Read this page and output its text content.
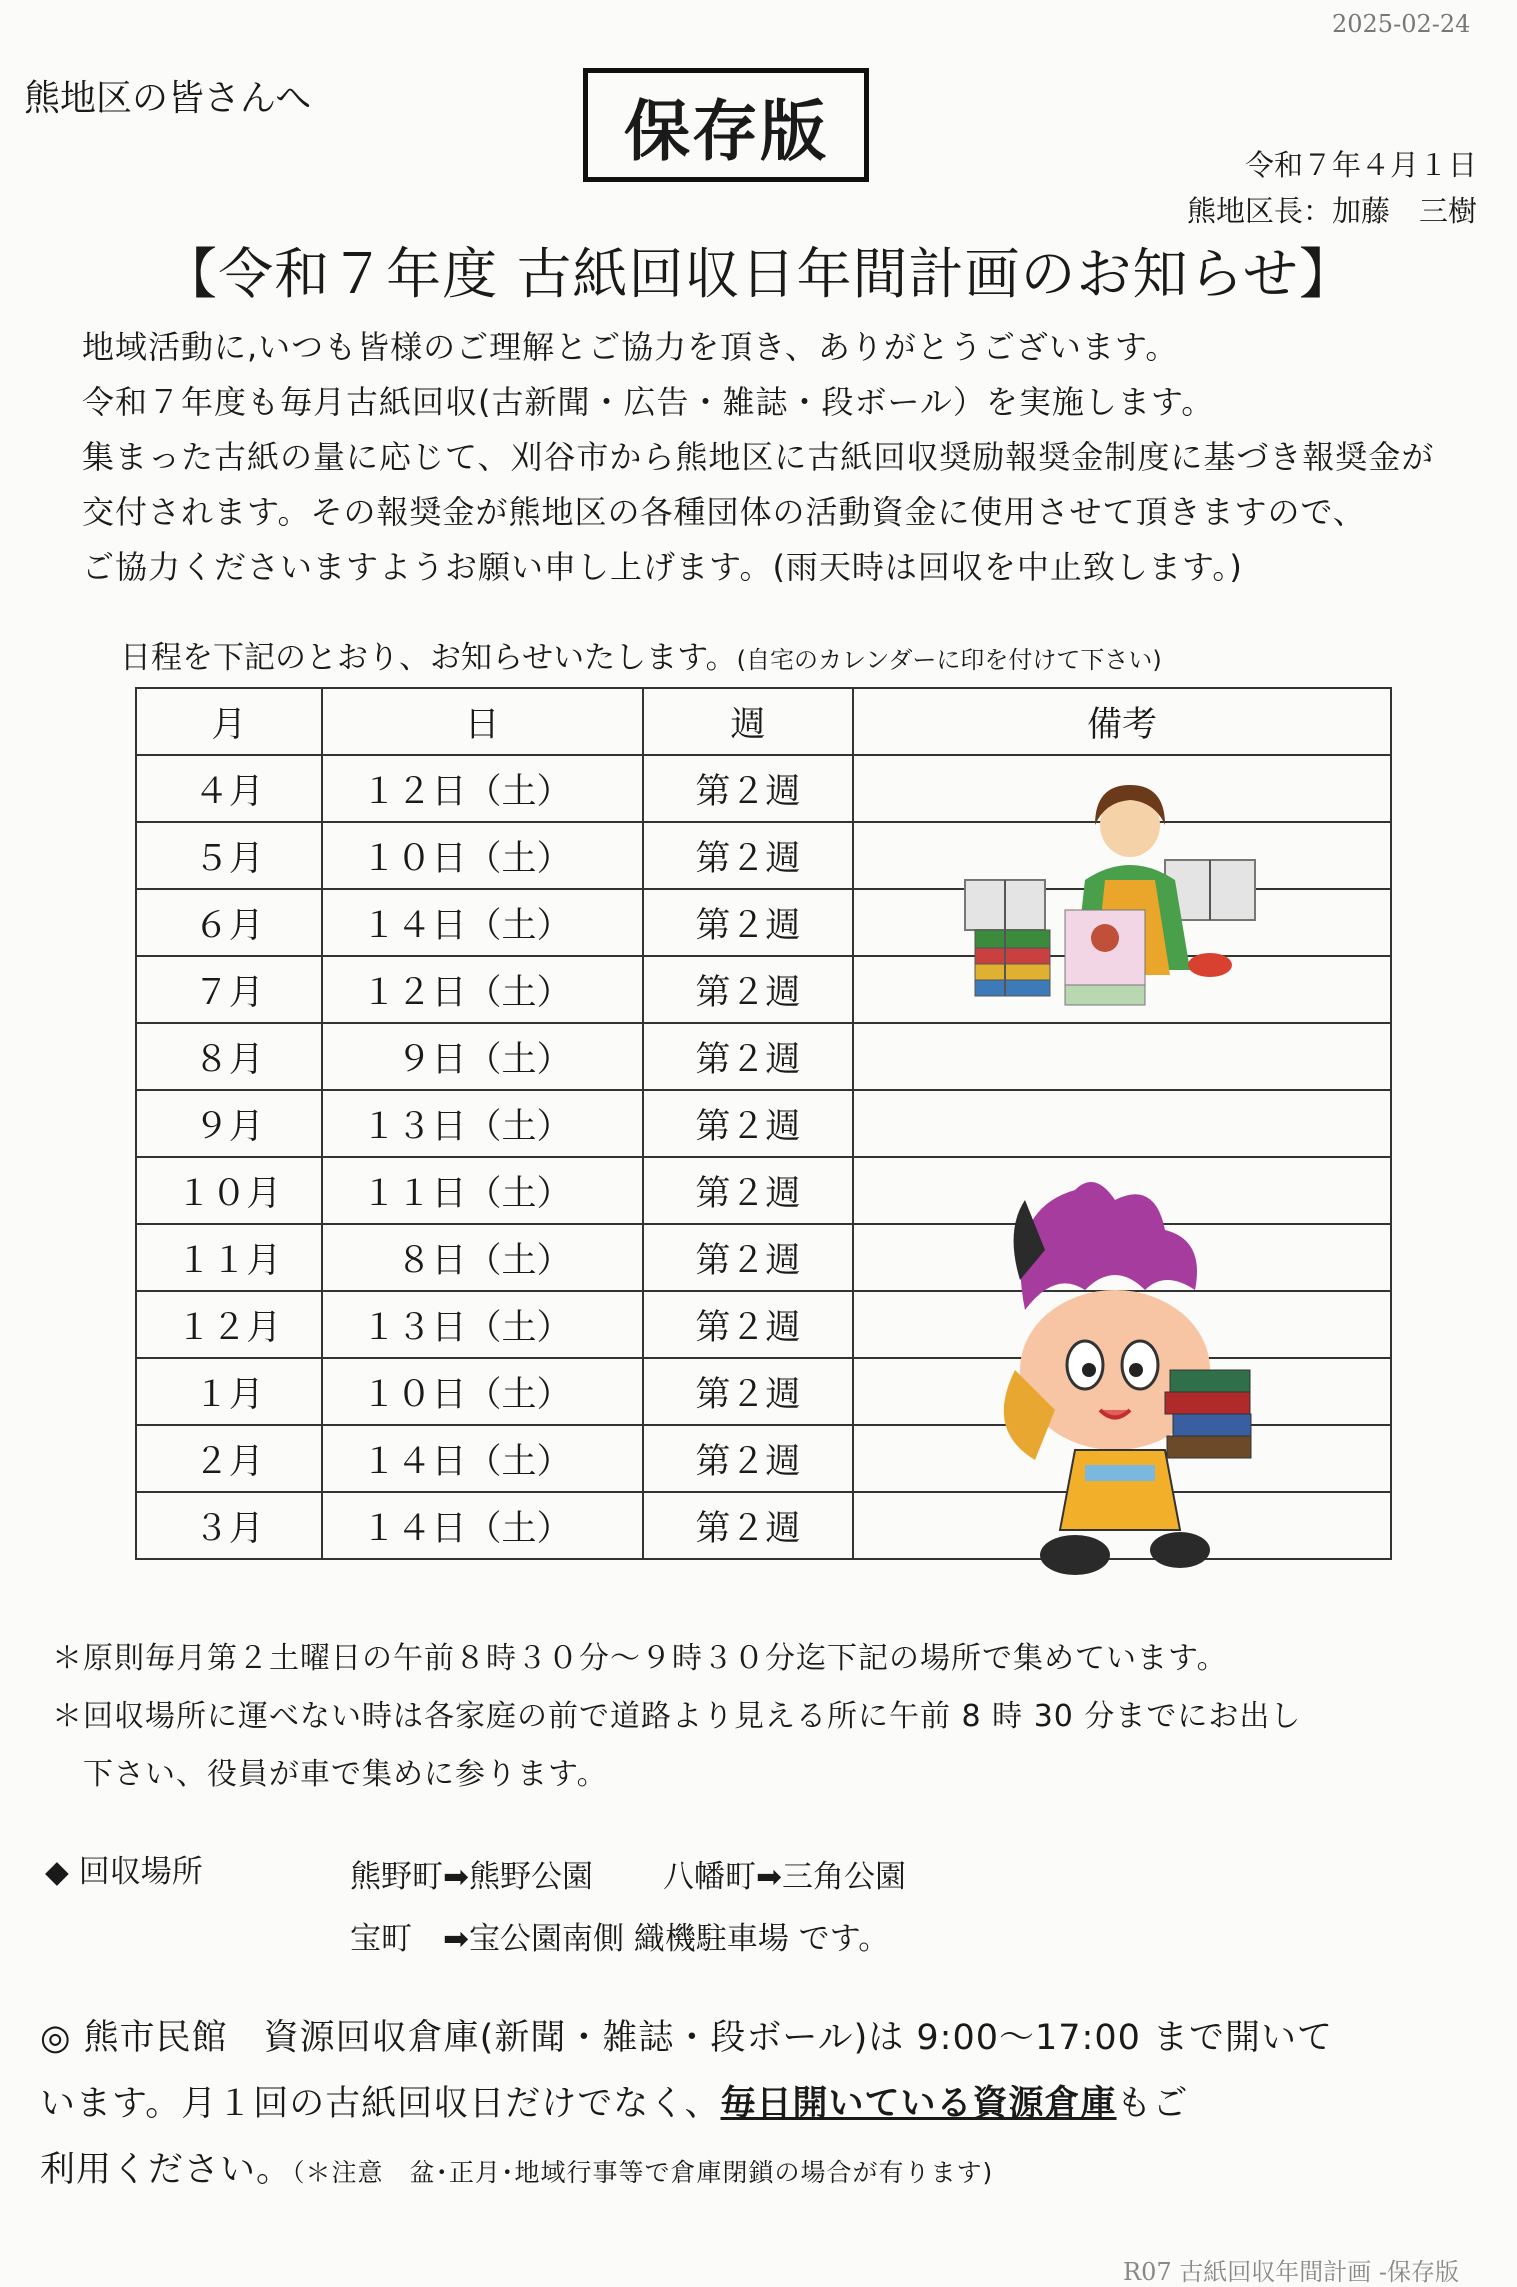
2025-02-24
熊地区の皆さんへ	保存版	令和７年４月１日
熊地区長：加藤　三樹
【令和７年度 古紙回収日年間計画のお知らせ】
地域活動に,いつも皆様のご理解とご協力を頂き、ありがとうございます。
令和７年度も毎月古紙回収(古新聞・広告・雑誌・段ボール）を実施します。
集まった古紙の量に応じて、刈谷市から熊地区に古紙回収奨励報奨金制度に基づき報奨金が
交付されます。その報奨金が熊地区の各種団体の活動資金に使用させて頂きますので、
ご協力くださいますようお願い申し上げます。(雨天時は回収を中止致します。)
日程を下記のとおり、お知らせいたします。(自宅のカレンダーに印を付けて下さい)
月	日	週	備考
４月	１２日（土）	第２週	
５月	１０日（土）	第２週	
６月	１４日（土）	第２週	
７月	１２日（土）	第２週	
８月	９日（土）	第２週	
９月	１３日（土）	第２週	
１０月	１１日（土）	第２週	
１１月	８日（土）	第２週	
１２月	１３日（土）	第２週	
１月	１０日（土）	第２週	
２月	１４日（土）	第２週	
３月	１４日（土）	第２週	
＊原則毎月第２土曜日の午前８時３０分～９時３０分迄下記の場所で集めています。
＊回収場所に運べない時は各家庭の前で道路より見える所に午前 8 時 30 分までにお出し
　下さい、役員が車で集めに参ります。
◆ 回収場所	熊野町➡熊野公園 八幡町➡三角公園
宝町　➡宝公園南側 織機駐車場 です。
◎ 熊市民館　資源回収倉庫(新聞・雑誌・段ボール)は 9:00～17:00 まで開いて
います。月１回の古紙回収日だけでなく、毎日開いている資源倉庫もご
利用ください。（＊注意　盆･正月･地域行事等で倉庫閉鎖の場合が有ります)
R07 古紙回収年間計画 -保存版
